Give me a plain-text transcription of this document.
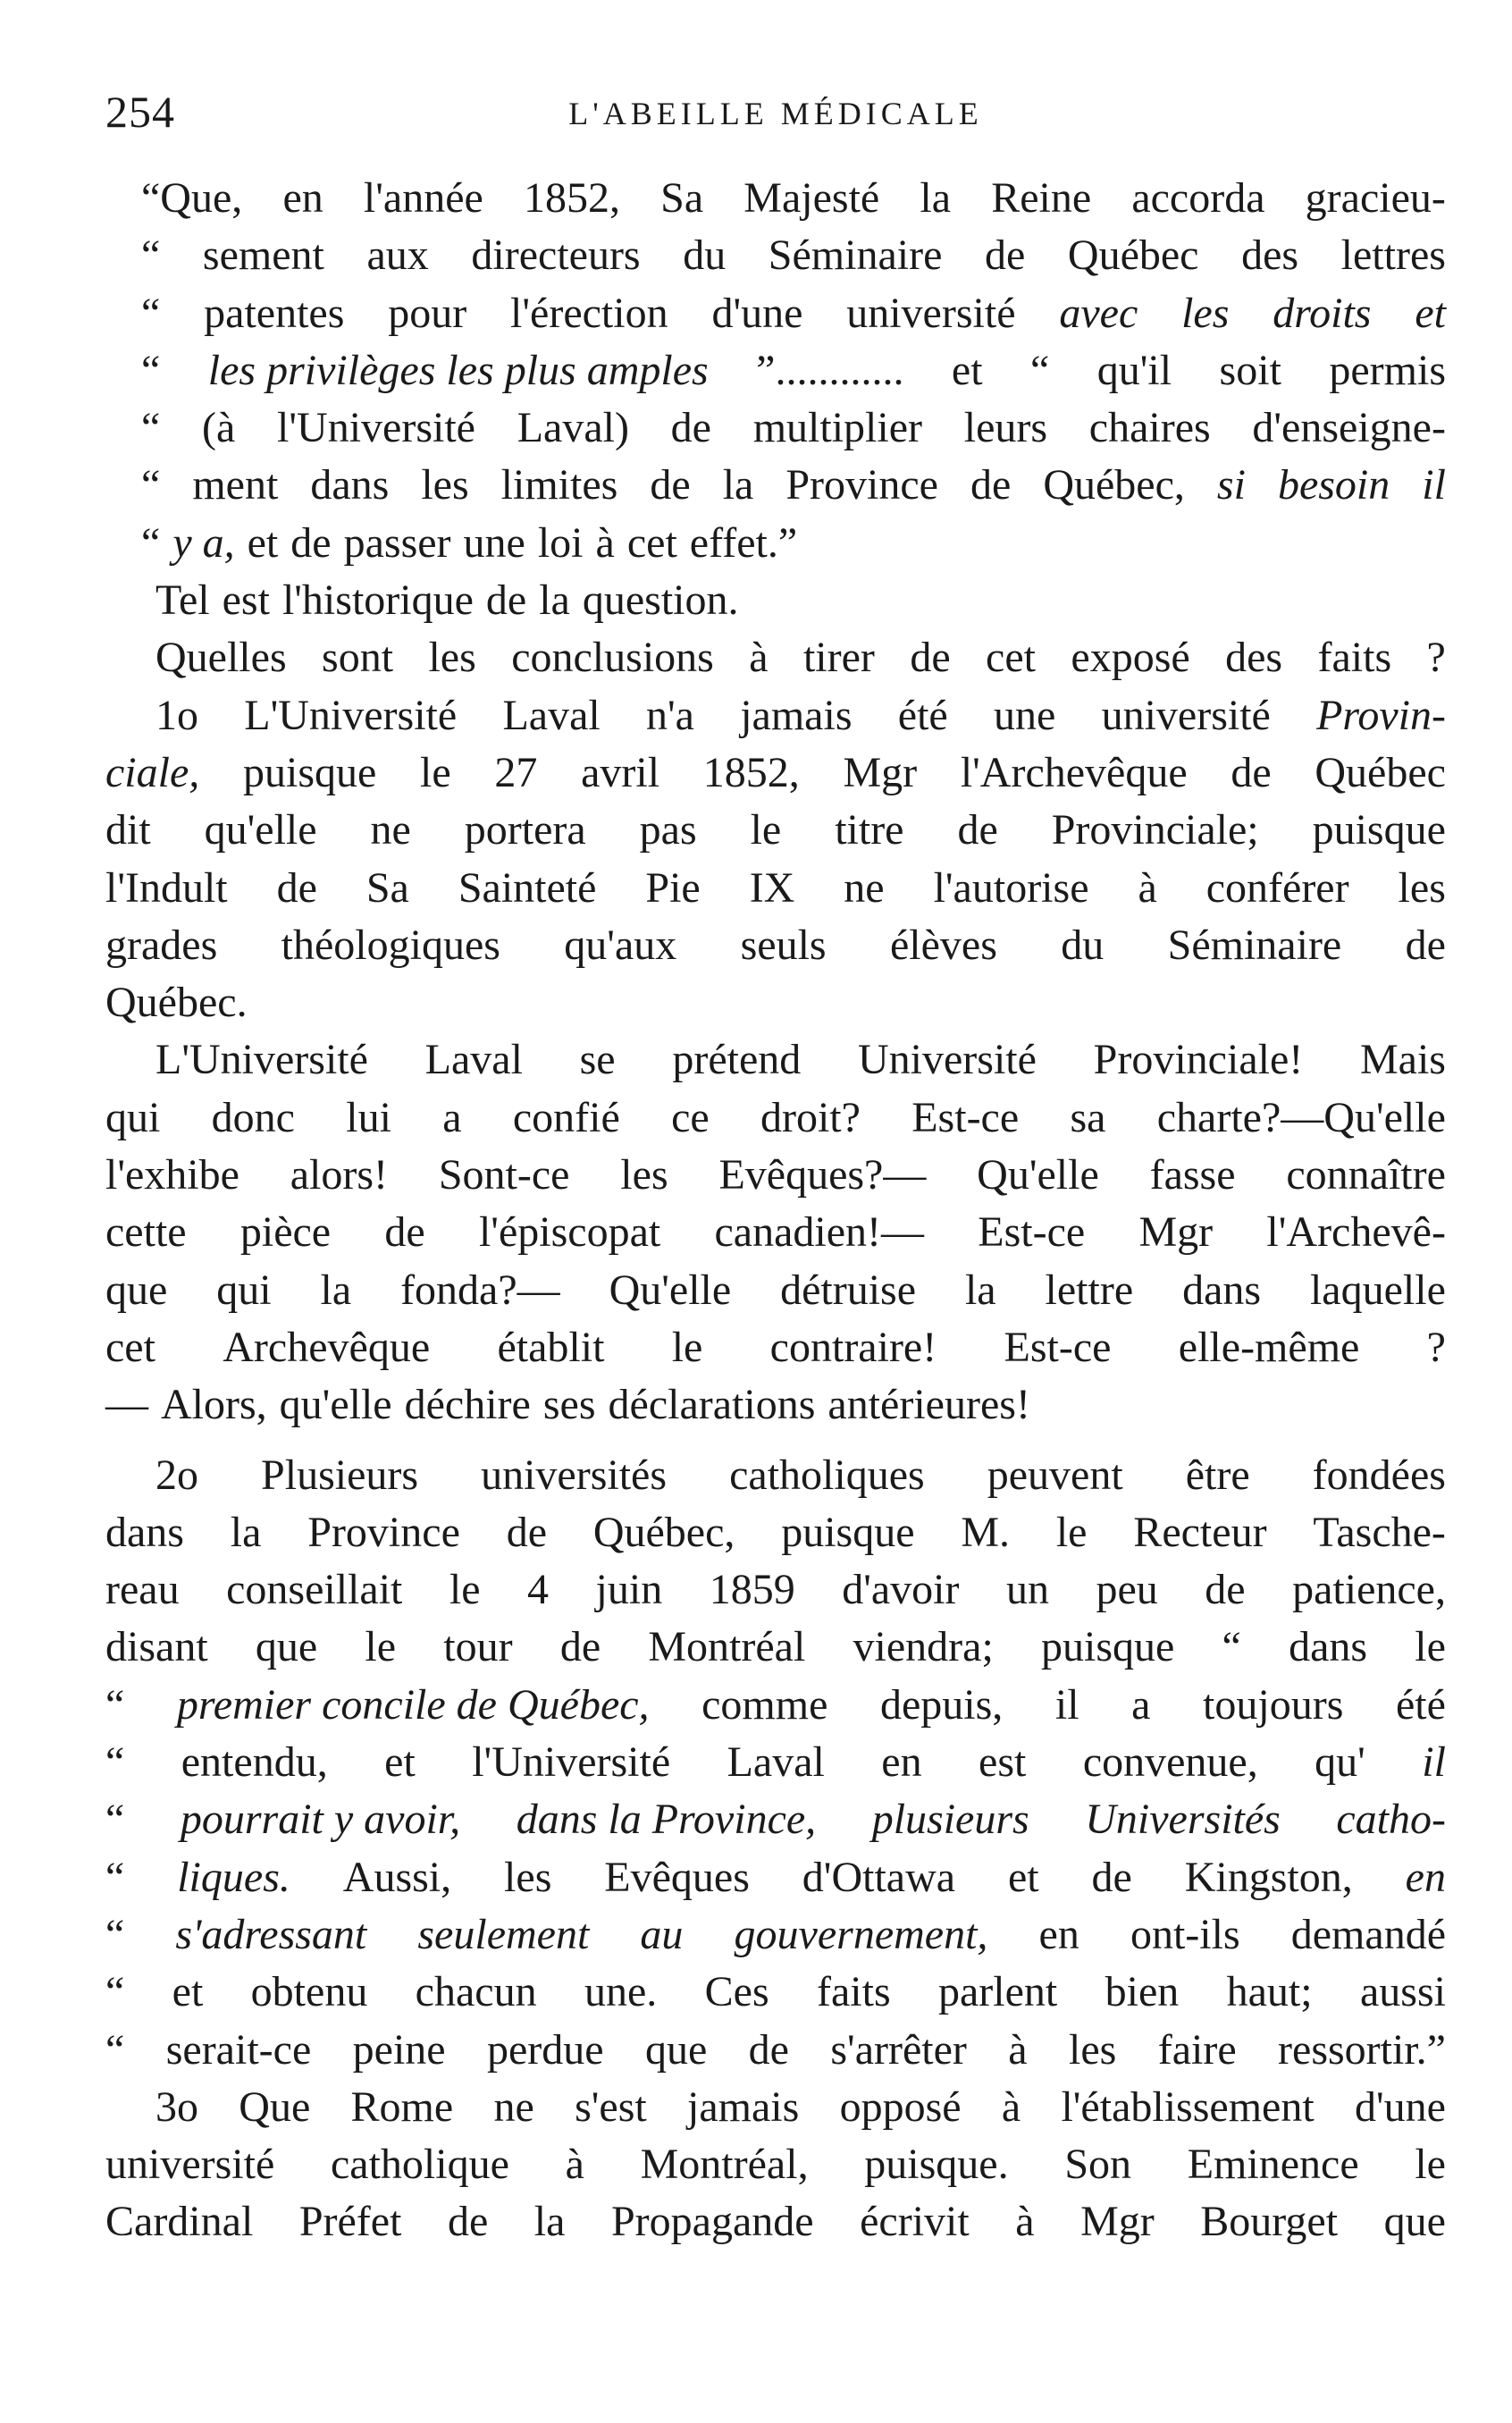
254	L'ABEILLE MÉDICALE
“Que, en l'année 1852, Sa Majesté la Reine accorda gracieu-
“ sement aux directeurs du Séminaire de Québec des lettres
“ patentes pour l'érection d'une université avec les droits et
“ les privilèges les plus amples ”............ et “ qu'il soit permis
“ (à l'Université Laval) de multiplier leurs chaires d'enseigne-
“ ment dans les limites de la Province de Québec, si besoin il
“ y a, et de passer une loi à cet effet.”
Tel est l'historique de la question.
Quelles sont les conclusions à tirer de cet exposé des faits ?
1o L'Université Laval n'a jamais été une université Provin-
ciale, puisque le 27 avril 1852, Mgr l'Archevêque de Québec
dit qu'elle ne portera pas le titre de Provinciale; puisque
l'Indult de Sa Sainteté Pie IX ne l'autorise à conférer les
grades théologiques qu'aux seuls élèves du Séminaire de
Québec.
L'Université Laval se prétend Université Provinciale! Mais
qui donc lui a confié ce droit? Est-ce sa charte?—Qu'elle
l'exhibe alors! Sont-ce les Evêques?— Qu'elle fasse connaître
cette pièce de l'épiscopat canadien!— Est-ce Mgr l'Archevê-
que qui la fonda?— Qu'elle détruise la lettre dans laquelle
cet Archevêque établit le contraire! Est-ce elle-même ?
— Alors, qu'elle déchire ses déclarations antérieures!
2o Plusieurs universités catholiques peuvent être fondées
dans la Province de Québec, puisque M. le Recteur Tasche-
reau conseillait le 4 juin 1859 d'avoir un peu de patience,
disant que le tour de Montréal viendra; puisque “ dans le
“ premier concile de Québec, comme depuis, il a toujours été
“ entendu, et l'Université Laval en est convenue, qu' il
“ pourrait y avoir, dans la Province, plusieurs Universités catho-
“ liques. Aussi, les Evêques d'Ottawa et de Kingston, en
“ s'adressant seulement au gouvernement, en ont-ils demandé
“ et obtenu chacun une. Ces faits parlent bien haut; aussi
“ serait-ce peine perdue que de s'arrêter à les faire ressortir.”
3o Que Rome ne s'est jamais opposé à l'établissement d'une
université catholique à Montréal, puisque. Son Eminence le
Cardinal Préfet de la Propagande écrivit à Mgr Bourget que
